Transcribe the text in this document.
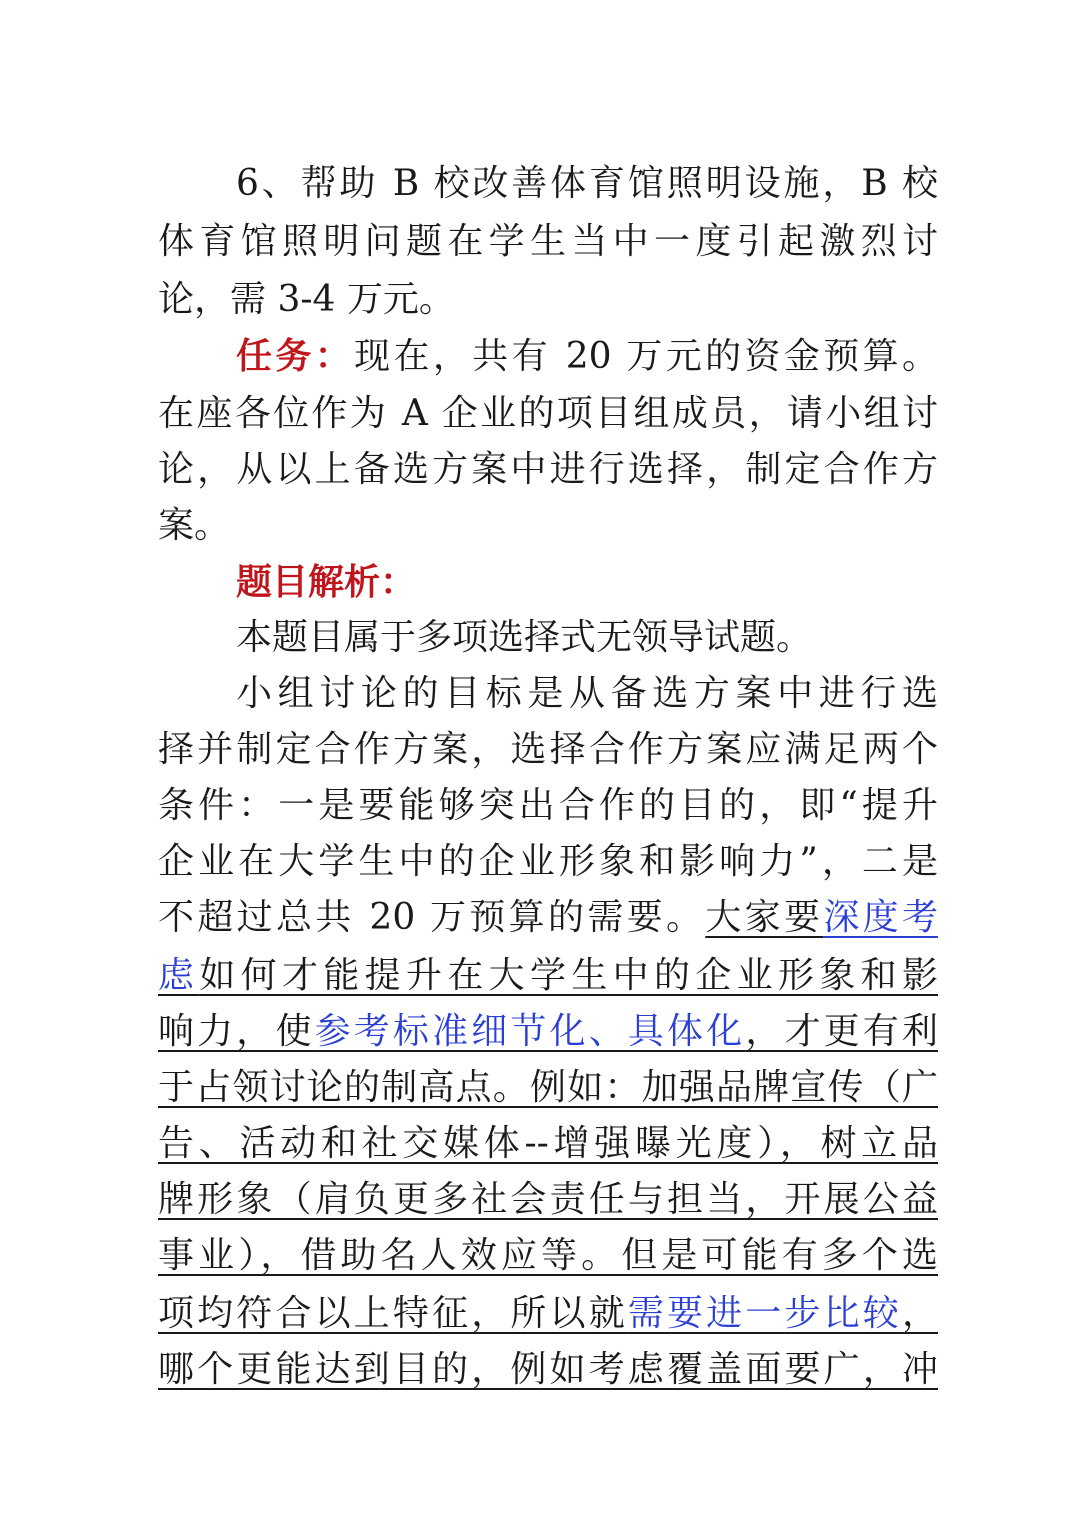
6、帮助 B 校改善体育馆照明设施，B 校
体育馆照明问题在学生当中一度引起激烈讨
论，需 3-4 万元。
任务：现在，共有 20 万元的资金预算。
在座各位作为 A 企业的项目组成员，请小组讨
论，从以上备选方案中进行选择，制定合作方
案。
题目解析：
本题目属于多项选择式无领导试题。
小组讨论的目标是从备选方案中进行选
择并制定合作方案，选择合作方案应满足两个
条件：一是要能够突出合作的目的，即“提升
企业在大学生中的企业形象和影响力”，二是
不超过总共 20 万预算的需要。大家要深度考
虑如何才能提升在大学生中的企业形象和影
响力，使参考标准细节化、具体化，才更有利
于占领讨论的制高点。例如：加强品牌宣传（广
告、活动和社交媒体--增强曝光度），树立品
牌形象（肩负更多社会责任与担当，开展公益
事业），借助名人效应等。但是可能有多个选
项均符合以上特征，所以就需要进一步比较，
哪个更能达到目的，例如考虑覆盖面要广，冲
